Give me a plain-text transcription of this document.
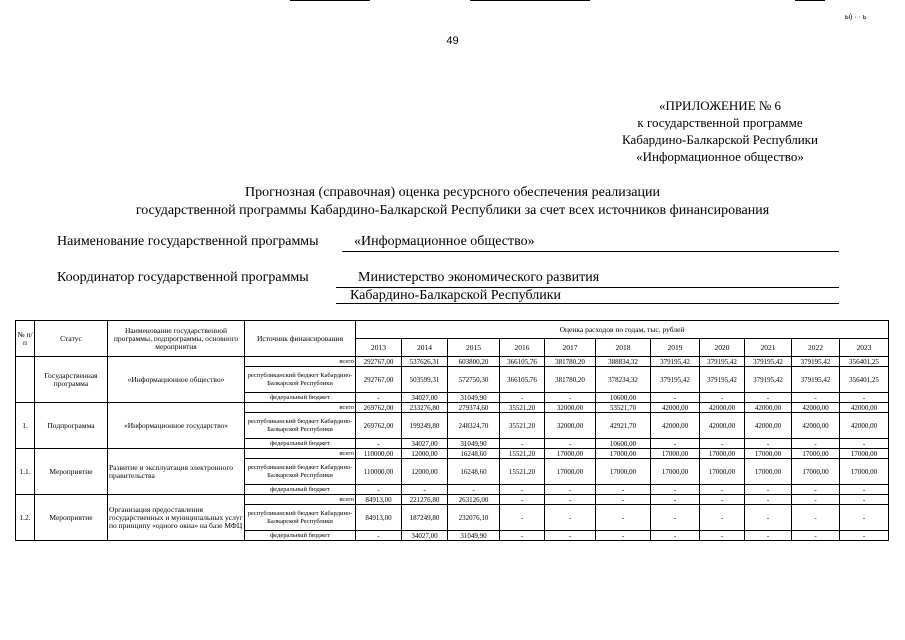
ы) · · ь
49
«ПРИЛОЖЕНИЕ № 6
к государственной программе
Кабардино-Балкарской Республики
«Информационное общество»
Прогнозная (справочная) оценка ресурсного обеспечения реализации
государственной программы Кабардино-Балкарской Республики за счет всех источников финансирования
Наименование государственной программы	«Информационное общество»
Координатор государственной программы	Министерство экономического развития
Кабардино-Балкарской Республики
№ п/п	Статус	Наименование государственной программы, подпрограммы, основного мероприятия	Источник финансирования	Оценка расходов по годам, тыс. рублей										
				2013	2014	2015	2016	2017	2018	2019	2020	2021	2022	2023
	Государственная программа	«Информационное общество»	всего	292767,00	537626,31	603800,20	366105,76	381780,20	388834,32	379195,42	379195,42	379195,42	379195,42	356401,25
			республиканский бюджет Кабардино-Балкарской Республики	292767,00	503599,31	572750,30	366105,76	381780,20	378234,32	379195,42	379195,42	379195,42	379195,42	356401,25
			федеральный бюджет	-	34027,00	31049,90	-	-	10600,00	-	-	-	-	-
1.	Подпрограмма	«Информационное государство»	всего	269762,00	233276,80	279374,60	35521,20	32000,00	53521,70	42000,00	42000,00	42000,00	42000,00	42000,00
			республиканский бюджет Кабардино-Балкарской Республики	269762,00	199249,80	248324,70	35521,20	32000,00	42921,70	42000,00	42000,00	42000,00	42000,00	42000,00
			федеральный бюджет	-	34027,00	31049,90	-	-	10600,00	-	-	-	-	-
1.1.	Мероприятие	Развитие и эксплуатация электронного правительства	всего	110000,00	12000,00	16248,60	15521,20	17000,00	17000,00	17000,00	17000,00	17000,00	17000,00	17000,00
			республиканский бюджет Кабардино-Балкарской Республики	110000,00	12000,00	16248,60	15521,20	17000,00	17000,00	17000,00	17000,00	17000,00	17000,00	17000,00
			федеральный бюджет	-	-	-	-	-	-	-	-	-	-	-
1.2.	Мероприятие	Организация предоставления государственных и муниципальных услуг по принципу «одного окна» на базе МФЦ	всего	84913,00	221276,80	263126,00	-	-	-	-	-	-	-	-
			республиканский бюджет Кабардино-Балкарской Республики	84913,00	187249,80	232076,10	-	-	-	-	-	-	-	-
			федеральный бюджет	-	34027,00	31049,90	-	-	-	-	-	-	-	-
